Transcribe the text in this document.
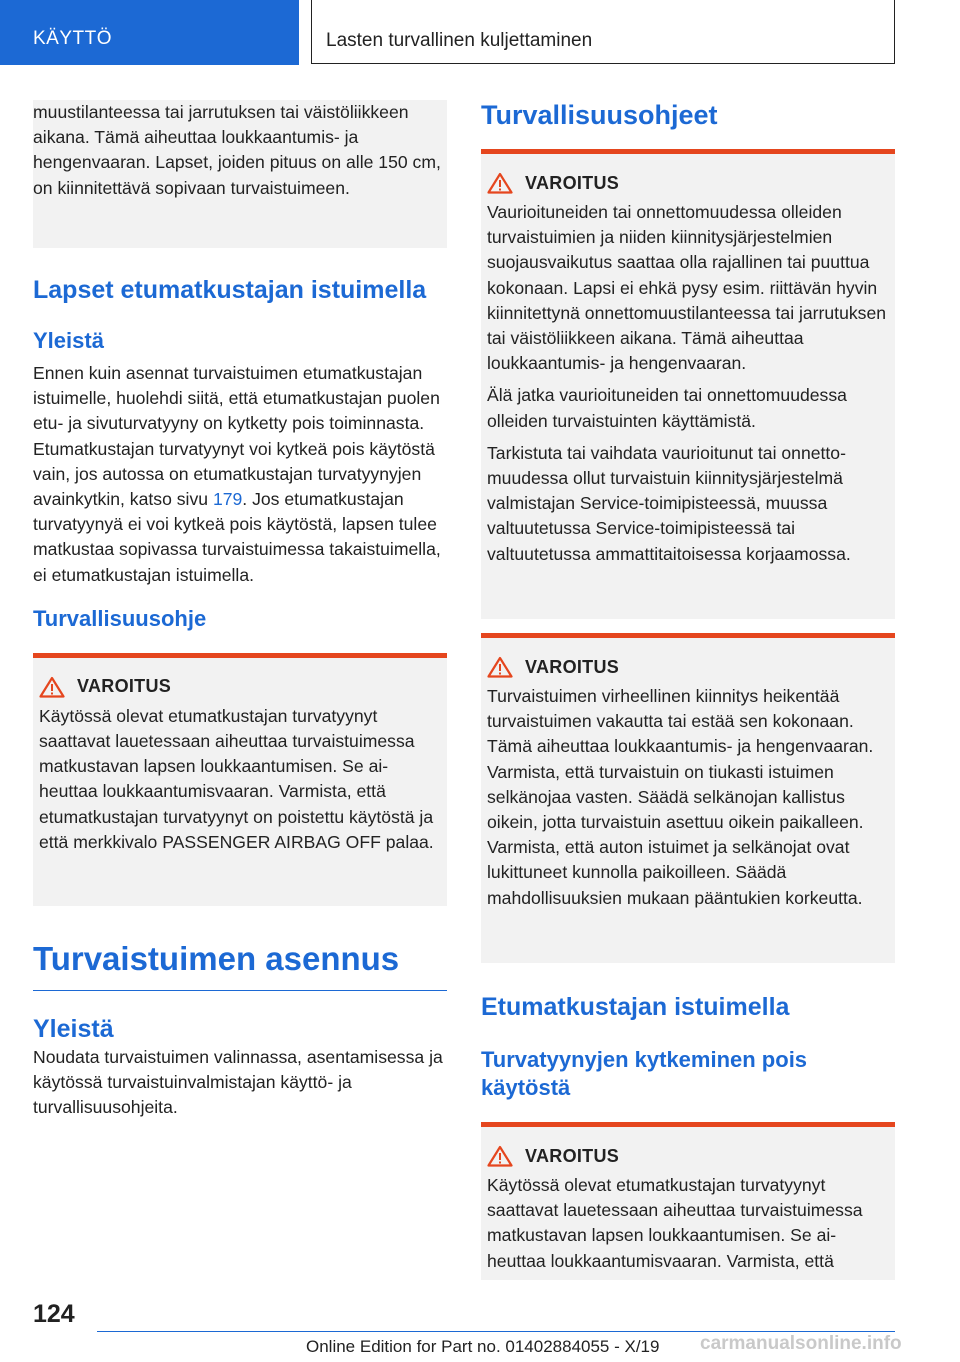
KÄYTTÖ	Lasten turvallinen kuljettaminen

muustilanteessa tai jarrutuksen tai väistöliikkeen aikana. Tämä aiheuttaa loukkaantumis- ja hengenvaaran. Lapset, joiden pituus on alle 150 cm, on kiinnitettävä sopivaan turvaistuimeen.

Lapset etumatkustajan istuimella
Yleistä

Ennen kuin asennat turvaistuimen etumatkustajan istuimelle, huolehdi siitä, että etumatkustajan puolen etu- ja sivuturvatyyny on kytketty pois toiminnasta. Etumatkustajan turvatyynyt voi kytkeä pois käytöstä vain, jos autossa on etumatkustajan turvatyynyjen avainkytkin, katso sivu 179. Jos etumatkustajan turvatyynyä ei voi kytkeä pois käytöstä, lapsen tulee matkustaa sopivassa turvaistuimessa takaistuimella, ei etumatkustajan istuimella.

Turvallisuusohje
VAROITUS

Käytössä olevat etumatkustajan turvatyynyt saattavat lauetessaan aiheuttaa turvaistuimessa matkustavan lapsen loukkaantumisen. Se aiheuttaa loukkaantumisvaaran. Varmista, että etumatkustajan turvatyynyt on poistettu käytöstä ja että merkkivalo PASSENGER AIRBAG OFF palaa.

Turvaistuimen asennus
Yleistä

Noudata turvaistuimen valinnassa, asentamisessa ja käytössä turvaistuinvalmistajan käyttö- ja turvallisuusohjeita.

Turvallisuusohjeet
VAROITUS

Vaurioituneiden tai onnettomuudessa olleiden turvaistuimien ja niiden kiinnitysjärjestelmien suojausvaikutus saattaa olla rajallinen tai puuttua kokonaan. Lapsi ei ehkä pysy esim. riittävän hyvin kiinnitettynä onnettomuustilanteessa tai jarrutuksen tai väistöliikkeen aikana. Tämä aiheuttaa loukkaantumis- ja hengenvaaran.

Älä jatka vaurioituneiden tai onnettomuudessa olleiden turvaistuinten käyttämistä.

Tarkistuta tai vaihdata vaurioitunut tai onnettomuudessa ollut turvaistuin kiinnitysjärjestelmä valmistajan Service-toimipisteessä, muussa valtuutetussa Service-toimipisteessä tai valtuutetussa ammattitaitoisessa korjaamossa.

VAROITUS

Turvaistuimen virheellinen kiinnitys heikentää turvaistuimen vakautta tai estää sen kokonaan. Tämä aiheuttaa loukkaantumis- ja hengenvaaran. Varmista, että turvaistuin on tiukasti istuimen selkänojaa vasten. Säädä selkänojan kallistus oikein, jotta turvaistuin asettuu oikein paikalleen. Varmista, että auton istuimet ja selkänojat ovat lukittuneet kunnolla paikoilleen. Säädä mahdollisuuksien mukaan pääntukien korkeutta.

Etumatkustajan istuimella
Turvatyynyjen kytkeminen pois käytöstä
VAROITUS

Käytössä olevat etumatkustajan turvatyynyt saattavat lauetessaan aiheuttaa turvaistuimessa matkustavan lapsen loukkaantumisen. Se aiheuttaa loukkaantumisvaaran. Varmista, että

124
Online Edition for Part no. 01402884055 - X/19 carmanualsonline.info
